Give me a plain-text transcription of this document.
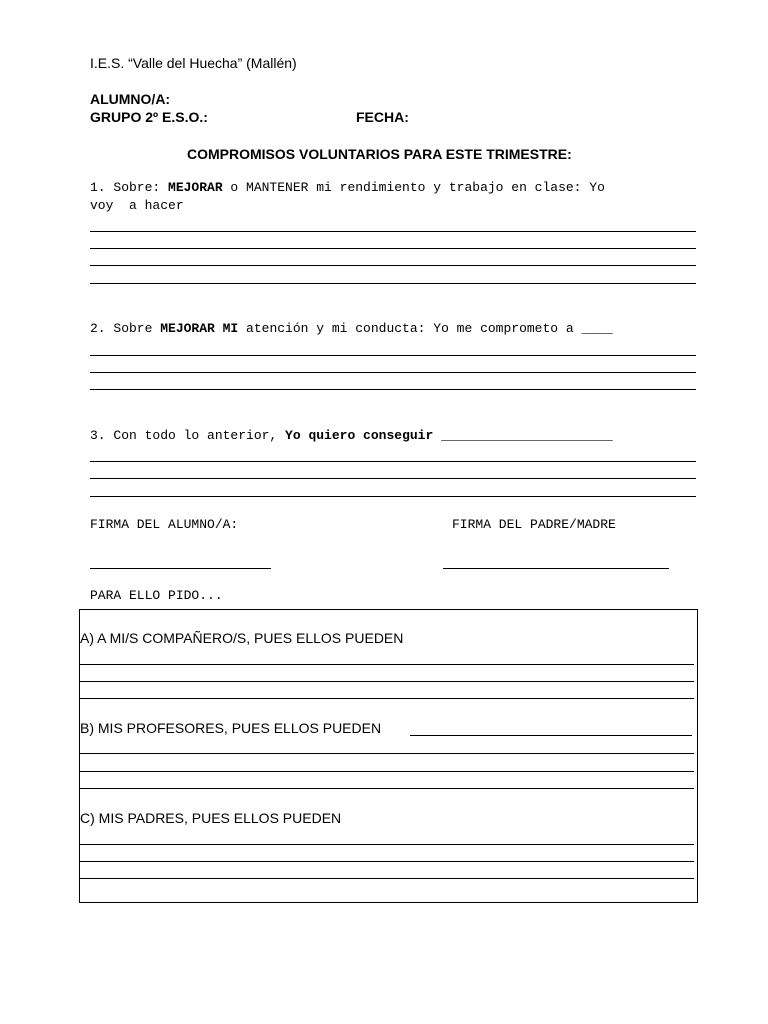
I.E.S. “Valle del Huecha” (Mallén)
ALUMNO/A:
GRUPO 2º E.S.O.:	FECHA:
COMPROMISOS VOLUNTARIOS PARA ESTE TRIMESTRE:
1. Sobre: MEJORAR o MANTENER mi rendimiento y trabajo en clase: Yo
voy  a hacer
2. Sobre MEJORAR MI atención y mi conducta: Yo me comprometo a ____
3. Con todo lo anterior, Yo quiero conseguir ______________________
FIRMA DEL ALUMNO/A:	FIRMA DEL PADRE/MADRE
PARA ELLO PIDO...
A) A MI/S COMPAÑERO/S, PUES ELLOS PUEDEN
B) MIS PROFESORES, PUES ELLOS PUEDEN
C) MIS PADRES, PUES ELLOS PUEDEN
